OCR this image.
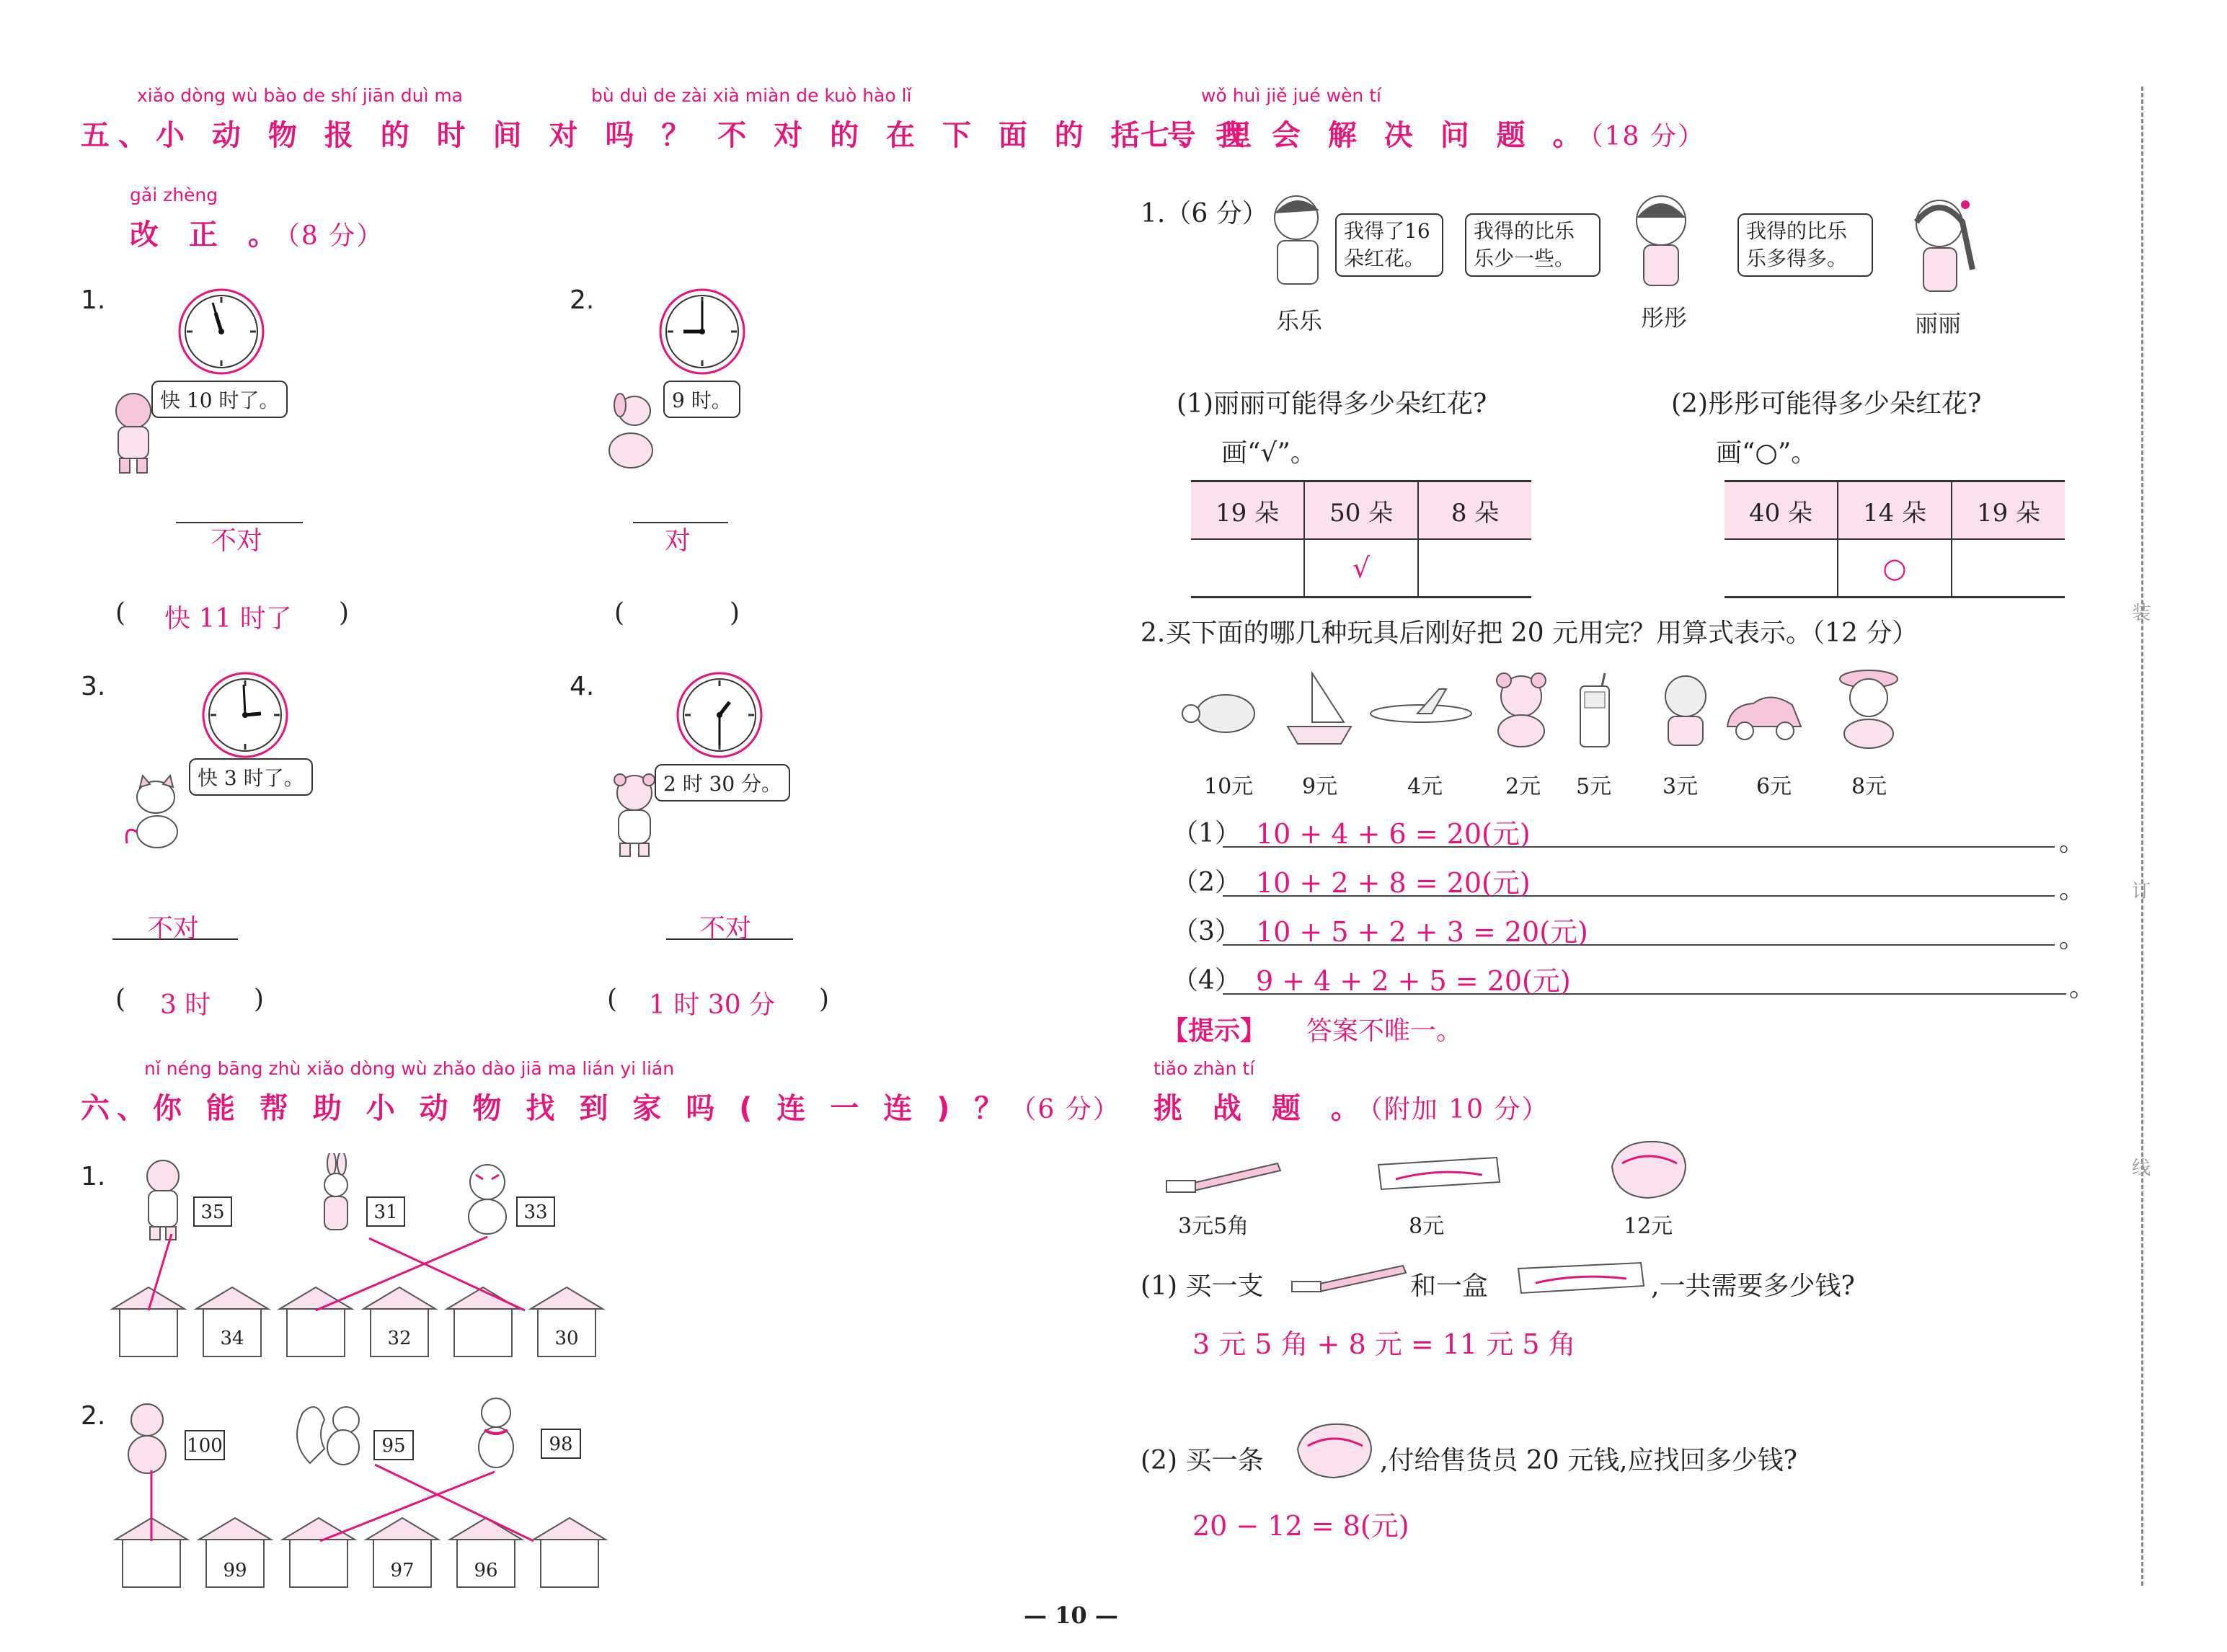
xiǎo dòng wù bào de shí jiān duì ma	bù duì de zài xià miàn de kuò hào lǐ
五、小 动 物 报 的 时 间 对 吗 ？ 不 对 的 在 下 面 的 括 号 里
gǎi zhèng
改 正 。（8 分）
1.
快 10 时了。
不对
( 快 11 时了 )
2.
9 时。
对
(	)
3.
快 3 时了。
不对
( 3 时 )
4.
2 时 30 分。
不对
( 1 时 30 分 )
nǐ néng bāng zhù xiǎo dòng wù zhǎo dào jiā ma lián yi lián
六、你 能 帮 助 小 动 物 找 到 家 吗 ( 连 一 连 ) ？（6 分）
1.
35	31	33
34	32	30
2.
100	95	98
99	97	96
wǒ huì jiě jué wèn tí
七、我 会 解 决 问 题 。（18 分）
1.（6 分）
我得了16朵红花。
我得的比乐乐少一些。
我得的比乐乐多得多。
乐乐	彤彤	丽丽
(1)丽丽可能得多少朵红花?
画“√”。
(2)彤彤可能得多少朵红花?
画“○”。
19 朵	50 朵	8 朵
	√	
40 朵	14 朵	19 朵
	○	
2.买下面的哪几种玩具后刚好把 20 元用完？用算式表示。（12 分）
10元 9元	4元	2元 5元 3元	6元	8元
（1） 10 + 4 + 6 = 20(元)	。
（2） 10 + 2 + 8 = 20(元)	。
（3） 10 + 5 + 2 + 3 = 20(元)	。
（4） 9 + 4 + 2 + 5 = 20(元)	。
【提示】 答案不唯一。
tiǎo zhàn tí
挑 战 题 。（附加 10 分）
3元5角	8元	12元
(1) 买一支	和一盒	,一共需要多少钱?
3 元 5 角 + 8 元 = 11 元 5 角
(2) 买一条	,付给售货员 20 元钱,应找回多少钱?
20 − 12 = 8(元)
装
订
线
— 10 —
